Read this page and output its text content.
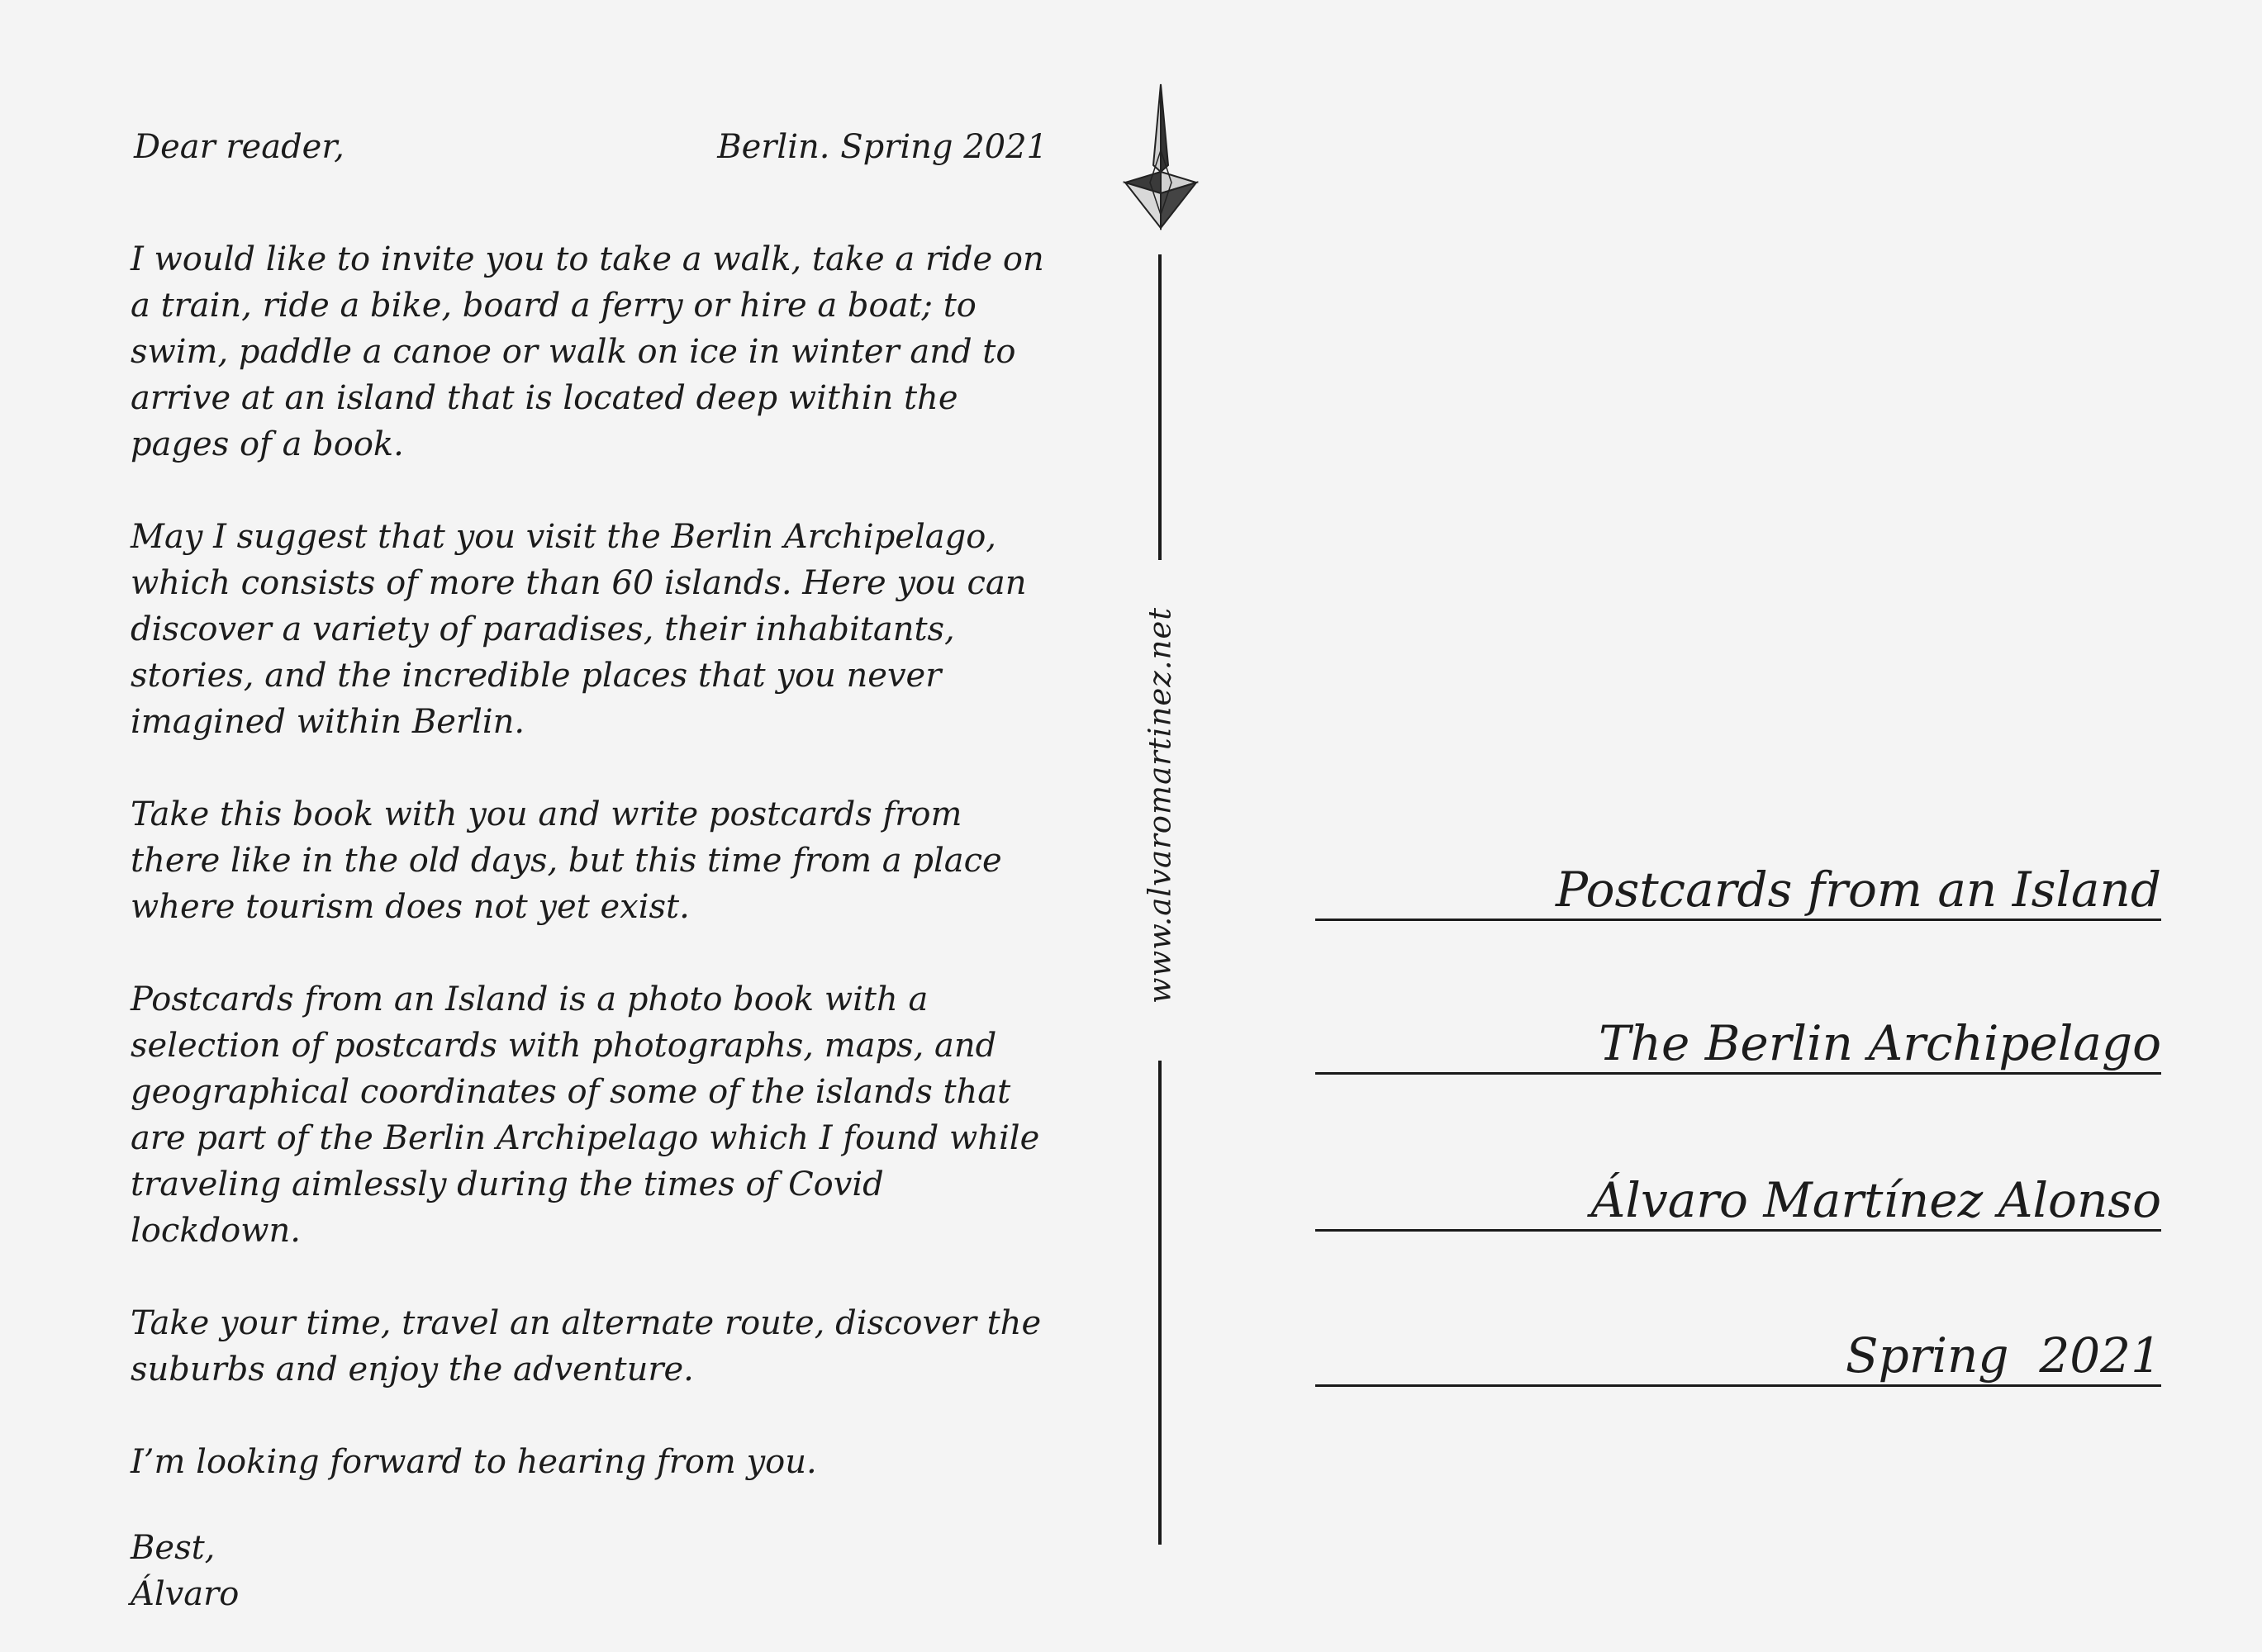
Dear reader,	Berlin. Spring 2021

I would like to invite you to take a walk, take a ride on a train, ride a bike, board a ferry or hire a boat; to swim, paddle a canoe or walk on ice in winter and to arrive at an island that is located deep within the pages of a book.

May I suggest that you visit the Berlin Archipelago, which consists of more than 60 islands. Here you can discover a variety of paradises, their inhabitants, stories, and the incredible places that you never imagined within Berlin.

Take this book with you and write postcards from there like in the old days, but this time from a place where tourism does not yet exist.

Postcards from an Island is a photo book with a selection of postcards with photographs, maps, and geographical coordinates of some of the islands that are part of the Berlin Archipelago which I found while traveling aimlessly during the times of Covid lockdown.

Take your time, travel an alternate route, discover the suburbs and enjoy the adventure.

I’m looking forward to hearing from you.

Best,
Álvaro
www.alvaromartinez.net	Postcards from an Island
The Berlin Archipelago
Álvaro Martínez Alonso
Spring  2021
